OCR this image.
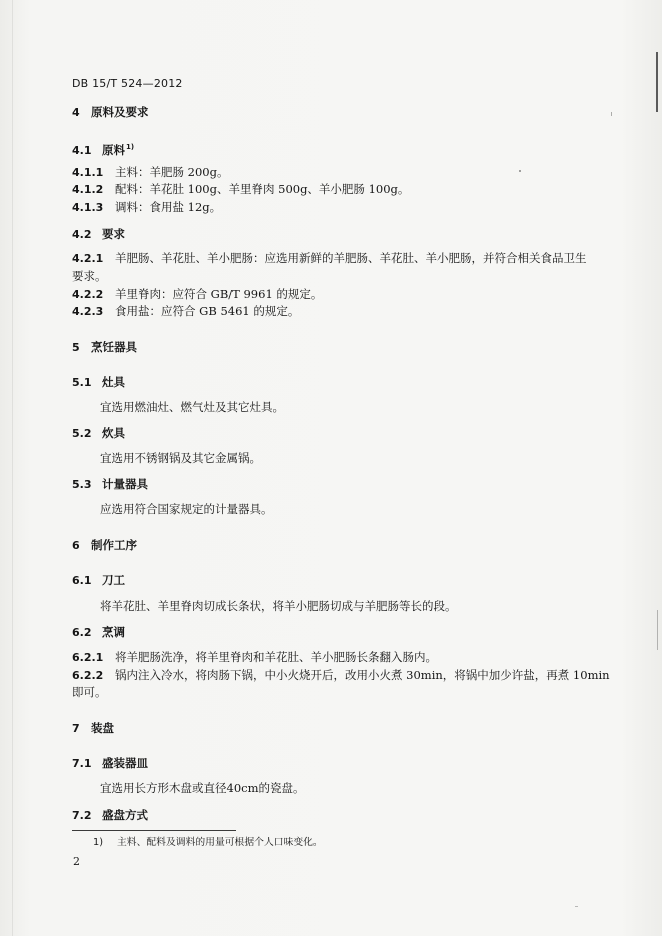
DB 15/T 524—2012
4 原料及要求
4.1 原料$^{1)}$
4.1.1 主料：羊肥肠 200g。
4.1.2 配料：羊花肚 100g、羊里脊肉 500g、羊小肥肠 100g。
4.1.3 调料：食用盐 12g。
4.2 要求
4.2.1 羊肥肠、羊花肚、羊小肥肠：应选用新鲜的羊肥肠、羊花肚、羊小肥肠，并符合相关食品卫生
要求。
4.2.2 羊里脊肉：应符合 GB/T 9961 的规定。
4.2.3 食用盐：应符合 GB 5461 的规定。
5 烹饪器具
5.1 灶具
宜选用燃油灶、燃气灶及其它灶具。
5.2 炊具
宜选用不锈钢锅及其它金属锅。
5.3 计量器具
应选用符合国家规定的计量器具。
6 制作工序
6.1 刀工
将羊花肚、羊里脊肉切成长条状，将羊小肥肠切成与羊肥肠等长的段。
6.2 烹调
6.2.1 将羊肥肠洗净，将羊里脊肉和羊花肚、羊小肥肠长条翻入肠内。
6.2.2 锅内注入冷水，将肉肠下锅，中小火烧开后，改用小火煮 30min，将锅中加少许盐，再煮 10min
即可。
7 装盘
7.1 盛装器皿
宜选用长方形木盘或直径40cm的瓷盘。
7.2 盛盘方式
1) 主料、配料及调料的用量可根据个人口味变化。
2
